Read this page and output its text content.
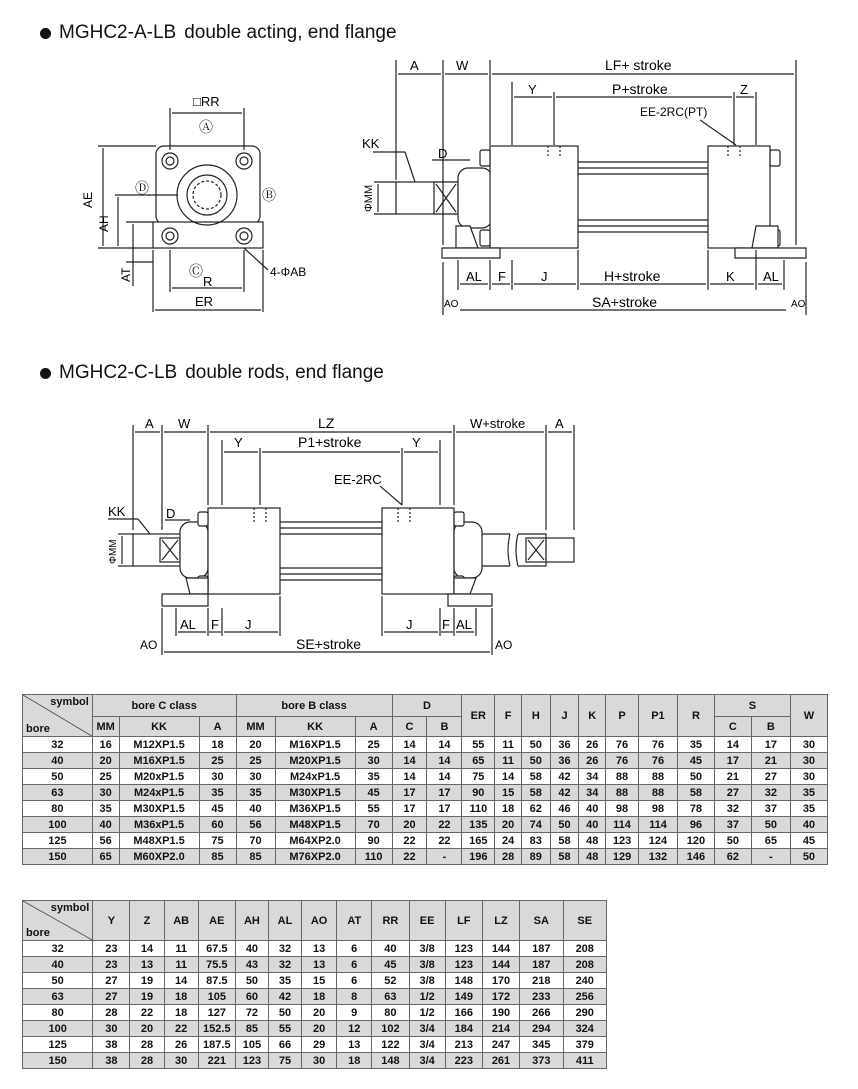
MGHC2-A-LB double acting, end flange
MGHC2-C-LB double rods, end flange
□RR
Ⓐ
Ⓑ
Ⓒ
Ⓓ
AE
AH
AT	R
ER
4-ΦAB
A	W	LF+ stroke
Y	P+stroke	Z
EE-2RC(PT)
KK
D
ΦMM
AL F	J	H+stroke	K AL
AO	SA+stroke	AO
A W	LZ	W+stroke A
Y	P1+stroke	Y
EE-2RC
KK	D
ΦMM
AL F J	J F AL
AO	SE+stroke	AO
symbol
bore	bore C class			bore B class			D		ER	F	H	J	K	P	P1	R	S		W
	MM	KK	A	MM	KK	A	C	B									C	B	
32	16	M12XP1.5	18	20	M16XP1.5	25	14	14	55	11	50	36	26	76	76	35	14	17	30
40	20	M16XP1.5	25	25	M20XP1.5	30	14	14	65	11	50	36	26	76	76	45	17	21	30
50	25	M20xP1.5	30	30	M24xP1.5	35	14	14	75	14	58	42	34	88	88	50	21	27	30
63	30	M24xP1.5	35	35	M30XP1.5	45	17	17	90	15	58	42	34	88	88	58	27	32	35
80	35	M30XP1.5	45	40	M36XP1.5	55	17	17	110	18	62	46	40	98	98	78	32	37	35
100	40	M36xP1.5	60	56	M48XP1.5	70	20	22	135	20	74	50	40	114	114	96	37	50	40
125	56	M48XP1.5	75	70	M64XP2.0	90	22	22	165	24	83	58	48	123	124	120	50	65	45
150	65	M60XP2.0	85	85	M76XP2.0	110	22	-	196	28	89	58	48	129	132	146	62	-	50
symbol
bore	Y	Z	AB	AE	AH	AL	AO	AT	RR	EE	LF	LZ	SA	SE
32	23	14	11	67.5	40	32	13	6	40	3/8	123	144	187	208
40	23	13	11	75.5	43	32	13	6	45	3/8	123	144	187	208
50	27	19	14	87.5	50	35	15	6	52	3/8	148	170	218	240
63	27	19	18	105	60	42	18	8	63	1/2	149	172	233	256
80	28	22	18	127	72	50	20	9	80	1/2	166	190	266	290
100	30	20	22	152.5	85	55	20	12	102	3/4	184	214	294	324
125	38	28	26	187.5	105	66	29	13	122	3/4	213	247	345	379
150	38	28	30	221	123	75	30	18	148	3/4	223	261	373	411
